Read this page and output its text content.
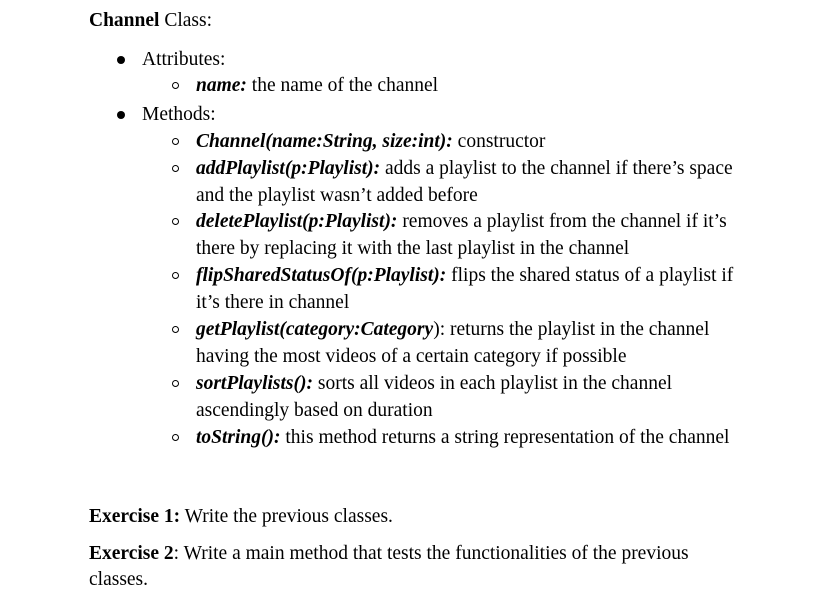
Channel Class:
Attributes:
name: the name of the channel
Methods:
Channel(name:String, size:int): constructor
addPlaylist(p:Playlist): adds a playlist to the channel if there’s space
and the playlist wasn’t added before
deletePlaylist(p:Playlist): removes a playlist from the channel if it’s
there by replacing it with the last playlist in the channel
flipSharedStatusOf(p:Playlist): flips the shared status of a playlist if
it’s there in channel
getPlaylist(category:Category): returns the playlist in the channel
having the most videos of a certain category if possible
sortPlaylists(): sorts all videos in each playlist in the channel
ascendingly based on duration
toString(): this method returns a string representation of the channel
Exercise 1: Write the previous classes.
Exercise 2: Write a main method that tests the functionalities of the previous
classes.
